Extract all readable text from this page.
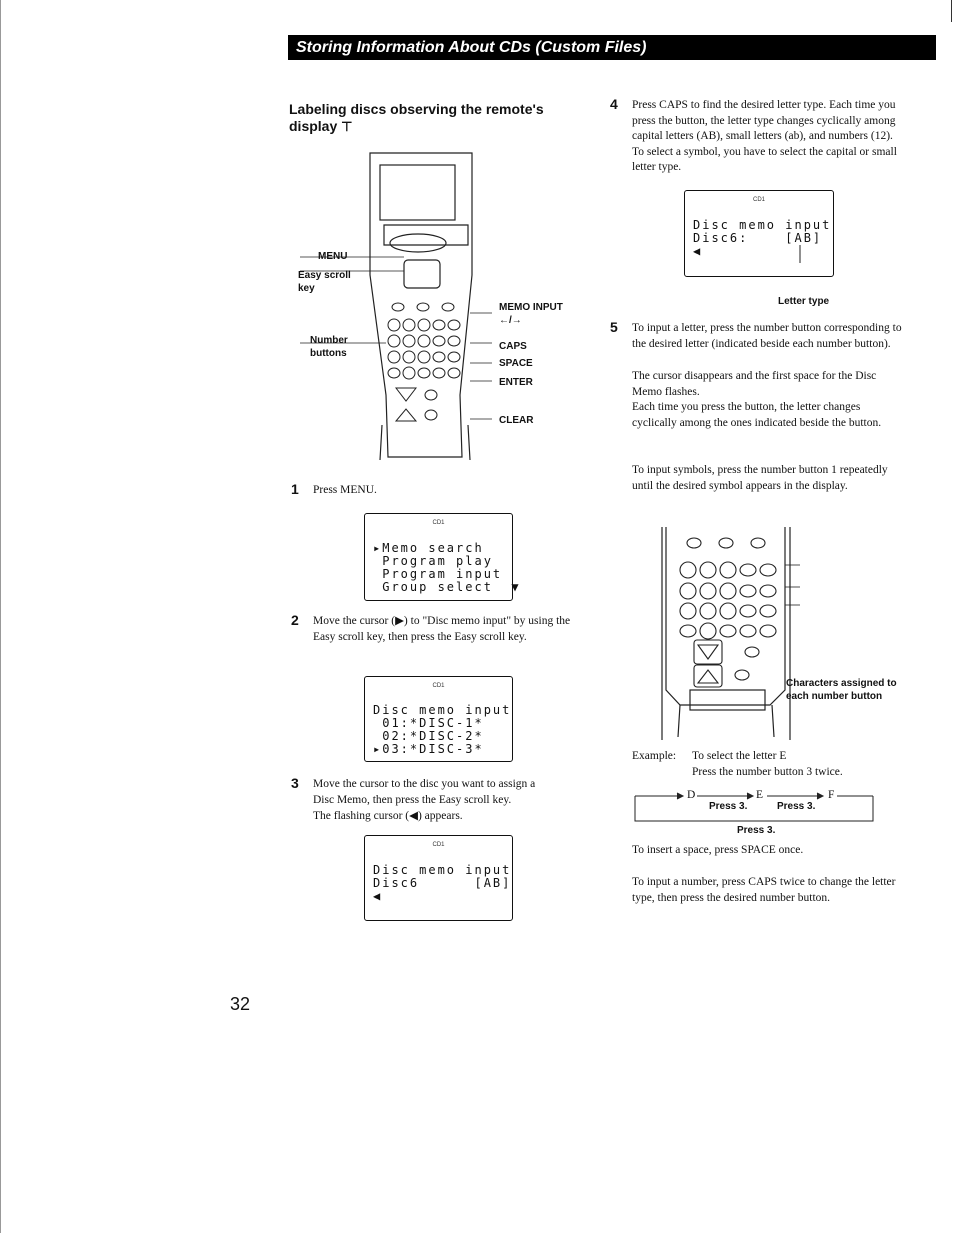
Storing Information About CDs (Custom Files)
Labeling discs observing the remote's
display ⊤
MENU
Easy scroll
key
Number
buttons
MEMO INPUT
←/→
CAPS
SPACE
ENTER
CLEAR
1 Press MENU.
CD1
▸Memo search
Program play
Program input
Group select  ▼
2 Move the cursor (▶) to "Disc memo input" by using the Easy scroll key, then press the Easy scroll key.
CD1
Disc memo input
01:*DISC-1*
02:*DISC-2*
▸03:*DISC-3*
3 Move the cursor to the disc you want to assign a
Disc Memo, then press the Easy scroll key.
The flashing cursor (◀) appears.
CD1
Disc memo input
Disc6      [AB]
◀
4 Press CAPS to find the desired letter type. Each time you press the button, the letter type changes cyclically among capital letters (AB), small letters (ab), and numbers (12). To select a symbol, you have to select the capital or small letter type.
CD1
Disc memo input
Disc6:    [AB]
◀
Letter type
5 To input a letter, press the number button corresponding to the desired letter (indicated beside each number button).
The cursor disappears and the first space for the Disc Memo flashes.
Each time you press the button, the letter changes cyclically among the ones indicated beside the button.
To input symbols, press the number button 1 repeatedly until the desired symbol appears in the display.
Characters assigned to
each number button
Example: To select the letter E
Press the number button 3 twice.
D	E	F
Press 3.	Press 3.
Press 3.
To insert a space, press SPACE once.
To input a number, press CAPS twice to change the letter type, then press the desired number button.
32
